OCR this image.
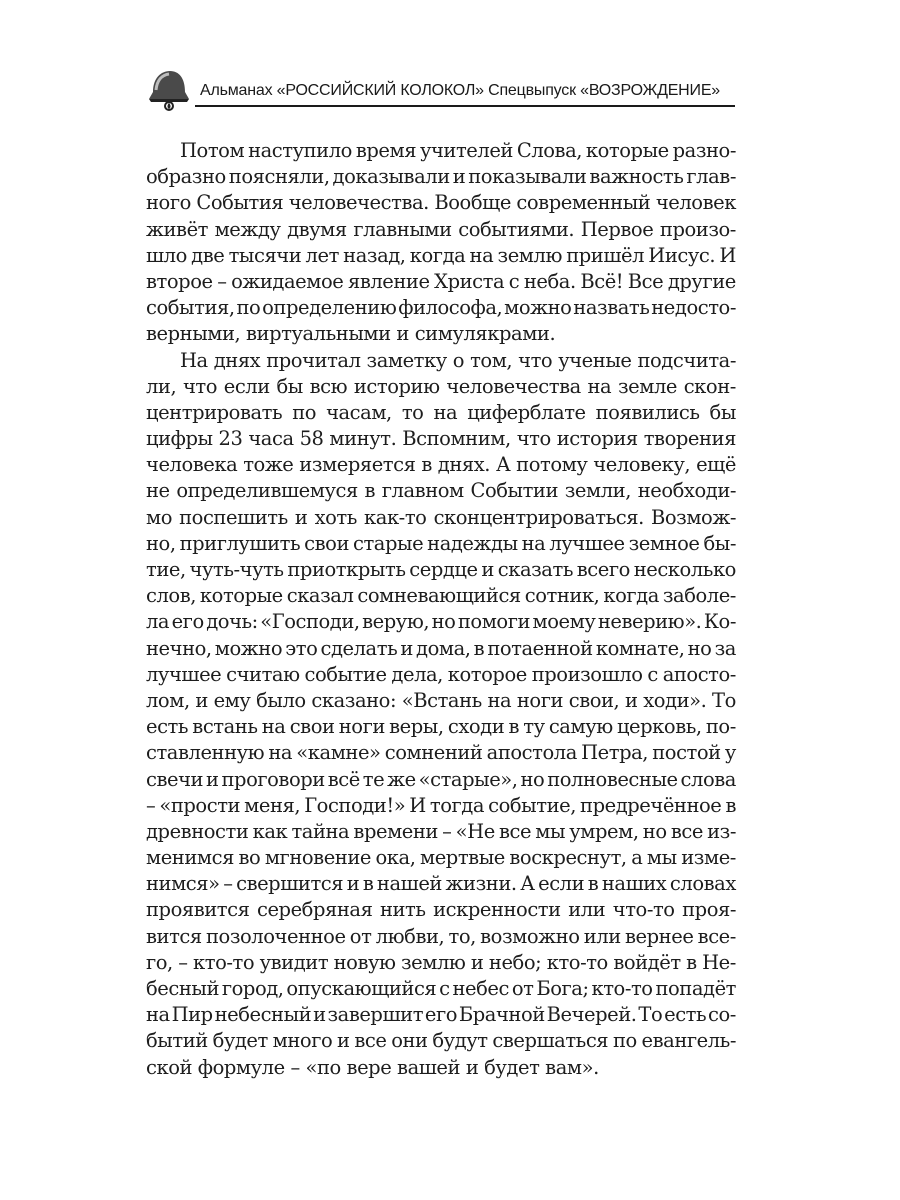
Альманах «РОССИЙСКИЙ КОЛОКОЛ» Спецвыпуск «ВОЗРОЖДЕНИЕ»
Потом наступило время учителей Слова, которые разно-
образно поясняли, доказывали и показывали важность глав-
ного События человечества. Вообще современный человек
живёт между двумя главными событиями. Первое произо-
шло две тысячи лет назад, когда на землю пришёл Иисус. И
второе – ожидаемое явление Христа с неба. Всё! Все другие
события, по определению философа, можно назвать недосто-
верными, виртуальными и симулякрами.
На днях прочитал заметку о том, что ученые подсчита-
ли, что если бы всю историю человечества на земле скон-
центрировать по часам, то на циферблате появились бы
цифры 23 часа 58 минут. Вспомним, что история творения
человека тоже измеряется в днях. А потому человеку, ещё
не определившемуся в главном Событии земли, необходи-
мо поспешить и хоть как-то сконцентрироваться. Возмож-
но, приглушить свои старые надежды на лучшее земное бы-
тие, чуть-чуть приоткрыть сердце и сказать всего несколько
слов, которые сказал сомневающийся сотник, когда заболе-
ла его дочь: «Господи, верую, но помоги моему неверию». Ко-
нечно, можно это сделать и дома, в потаенной комнате, но за
лучшее считаю событие дела, которое произошло с апосто-
лом, и ему было сказано: «Встань на ноги свои, и ходи». То
есть встань на свои ноги веры, сходи в ту самую церковь, по-
ставленную на «камне» сомнений апостола Петра, постой у
свечи и проговори всё те же «старые», но полновесные слова
– «прости меня, Господи!» И тогда событие, предречённое в
древности как тайна времени – «Не все мы умрем, но все из-
менимся во мгновение ока, мертвые воскреснут, а мы изме-
нимся» – свершится и в нашей жизни. А если в наших словах
проявится серебряная нить искренности или что-то проя-
вится позолоченное от любви, то, возможно или вернее все-
го, – кто-то увидит новую землю и небо; кто-то войдёт в Не-
бесный город, опускающийся с небес от Бога; кто-то попадёт
на Пир небесный и завершит его Брачной Вечерей. То есть со-
бытий будет много и все они будут свершаться по евангель-
ской формуле – «по вере вашей и будет вам».
